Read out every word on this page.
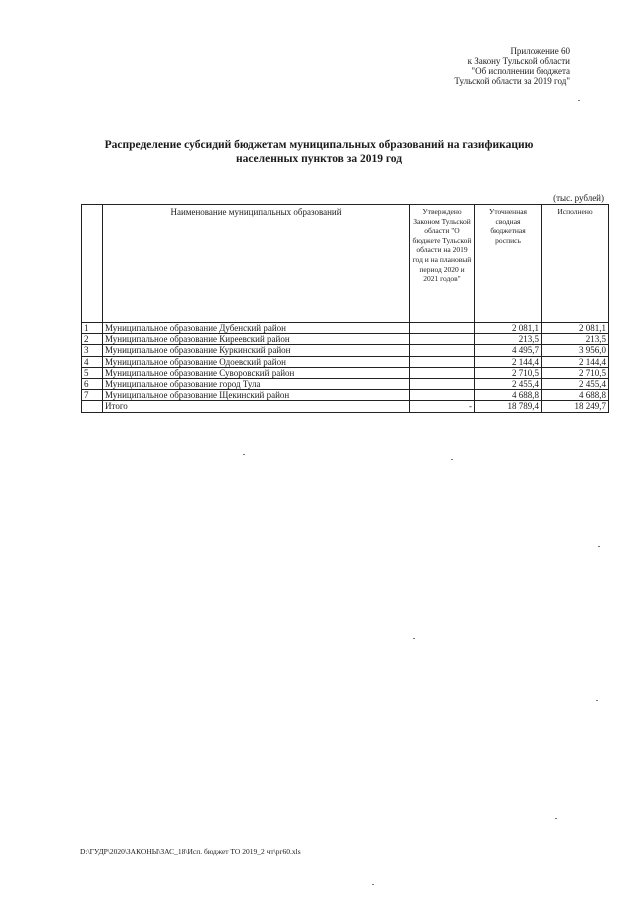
Приложение 60
к Закону Тульской области
"Об исполнении бюджета
Тульской области за 2019 год"
Распределение субсидий бюджетам муниципальных образований на газификацию населенных пунктов за 2019 год
(тыс. рублей)
	Наименование муниципальных образований	Утверждено Законом Тульской области "О бюджете Тульской области на 2019 год и на плановый период 2020 и 2021 годов"	Уточненная сводная бюджетная роспись	Исполнено
1	Муниципальное образование Дубенский район		2 081,1	2 081,1
2	Муниципальное образование Киреевский район		213,5	213,5
3	Муниципальное образование Куркинский район		4 495,7	3 956,0
4	Муниципальное образование Одоевский район		2 144,4	2 144,4
5	Муниципальное образование Суворовский район		2 710,5	2 710,5
6	Муниципальное образование город Тула		2 455,4	2 455,4
7	Муниципальное образование Щекинский район		4 688,8	4 688,8
	Итого	-	18 789,4	18 249,7
D:\ГУДР\2020\ЗАКОНЫ\ЗАС_18\Исп. бюджет ТО 2019_2 чт\рг60.xls
